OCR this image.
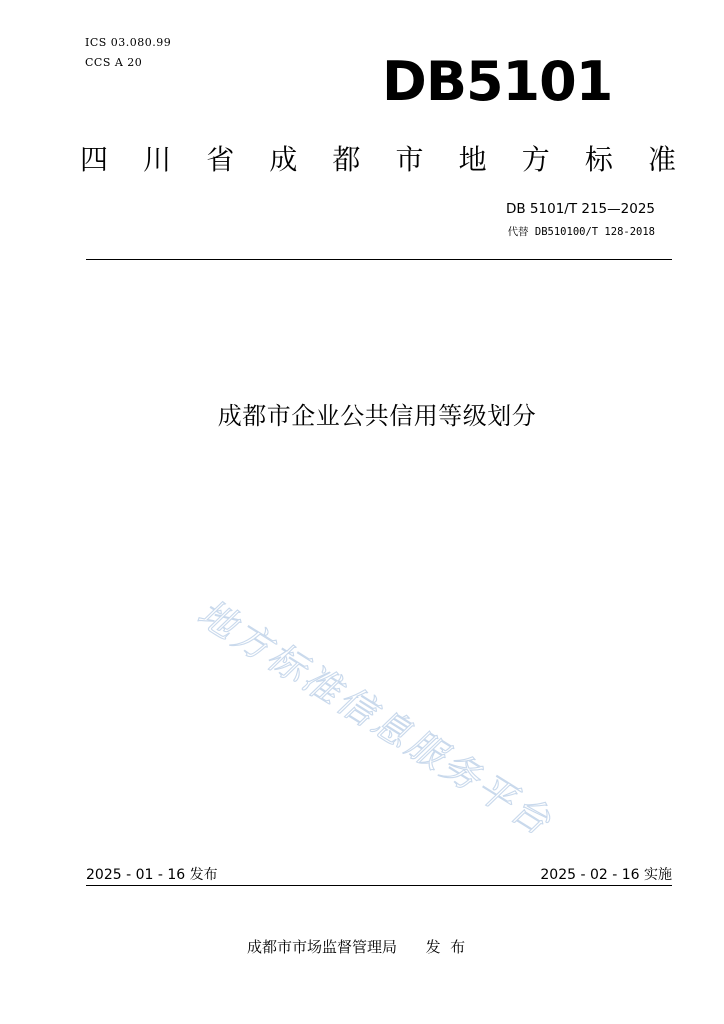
ICS 03.080.99
CCS A 20	DB5101
四 川 省 成 都 市 地 方 标 准
DB 5101/T 215—2025
代替 DB510100/T 128-2018
成都市企业公共信用等级划分
地方标准信息服务平台
2025 - 01 - 16 发布	2025 - 02 - 16 实施
成都市市场监督管理局      发  布
